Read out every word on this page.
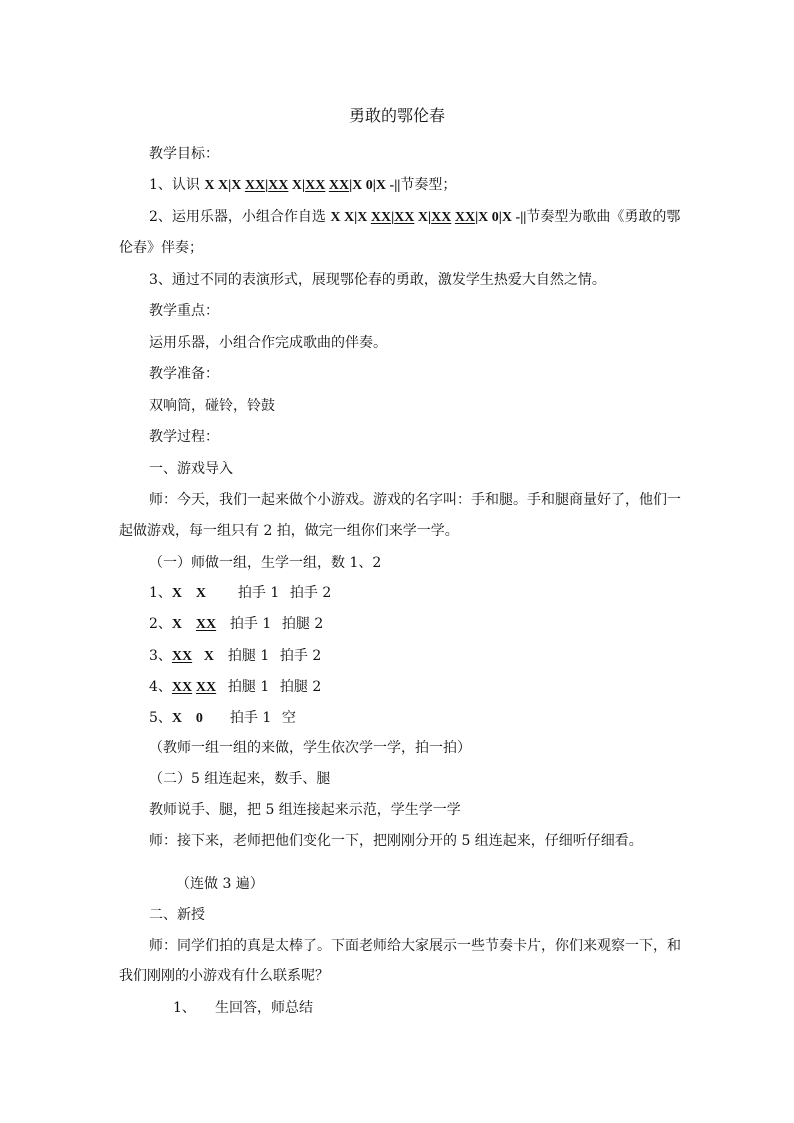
勇敢的鄂伦春
教学目标：
1、认识 X X|X XX|XX X|XX XX|X 0|X -||节奏型；
2、运用乐器，小组合作自选 X X|X XX|XX X|XX XX|X 0|X -||节奏型为歌曲《勇敢的鄂
伦春》伴奏；
3、通过不同的表演形式，展现鄂伦春的勇敢，激发学生热爱大自然之情。
教学重点：
运用乐器，小组合作完成歌曲的伴奏。
教学准备：
双响筒，碰铃，铃鼓
教学过程：
一、游戏导入
师：今天，我们一起来做个小游戏。游戏的名字叫：手和腿。手和腿商量好了，他们一
起做游戏，每一组只有 2 拍，做完一组你们来学一学。
（一）师做一组，生学一组，数 1、2
1、X X 拍手 1 拍手 2
2、X XX 拍手 1 拍腿 2
3、XX X 拍腿 1 拍手 2
4、XX XX 拍腿 1 拍腿 2
5、X 0 拍手 1 空
（教师一组一组的来做，学生依次学一学，拍一拍）
（二）5 组连起来，数手、腿
教师说手、腿，把 5 组连接起来示范，学生学一学
师：接下来，老师把他们变化一下，把刚刚分开的 5 组连起来，仔细听仔细看。
（连做 3 遍）
二、新授
师：同学们拍的真是太棒了。下面老师给大家展示一些节奏卡片，你们来观察一下，和
我们刚刚的小游戏有什么联系呢？
1、 生回答，师总结
